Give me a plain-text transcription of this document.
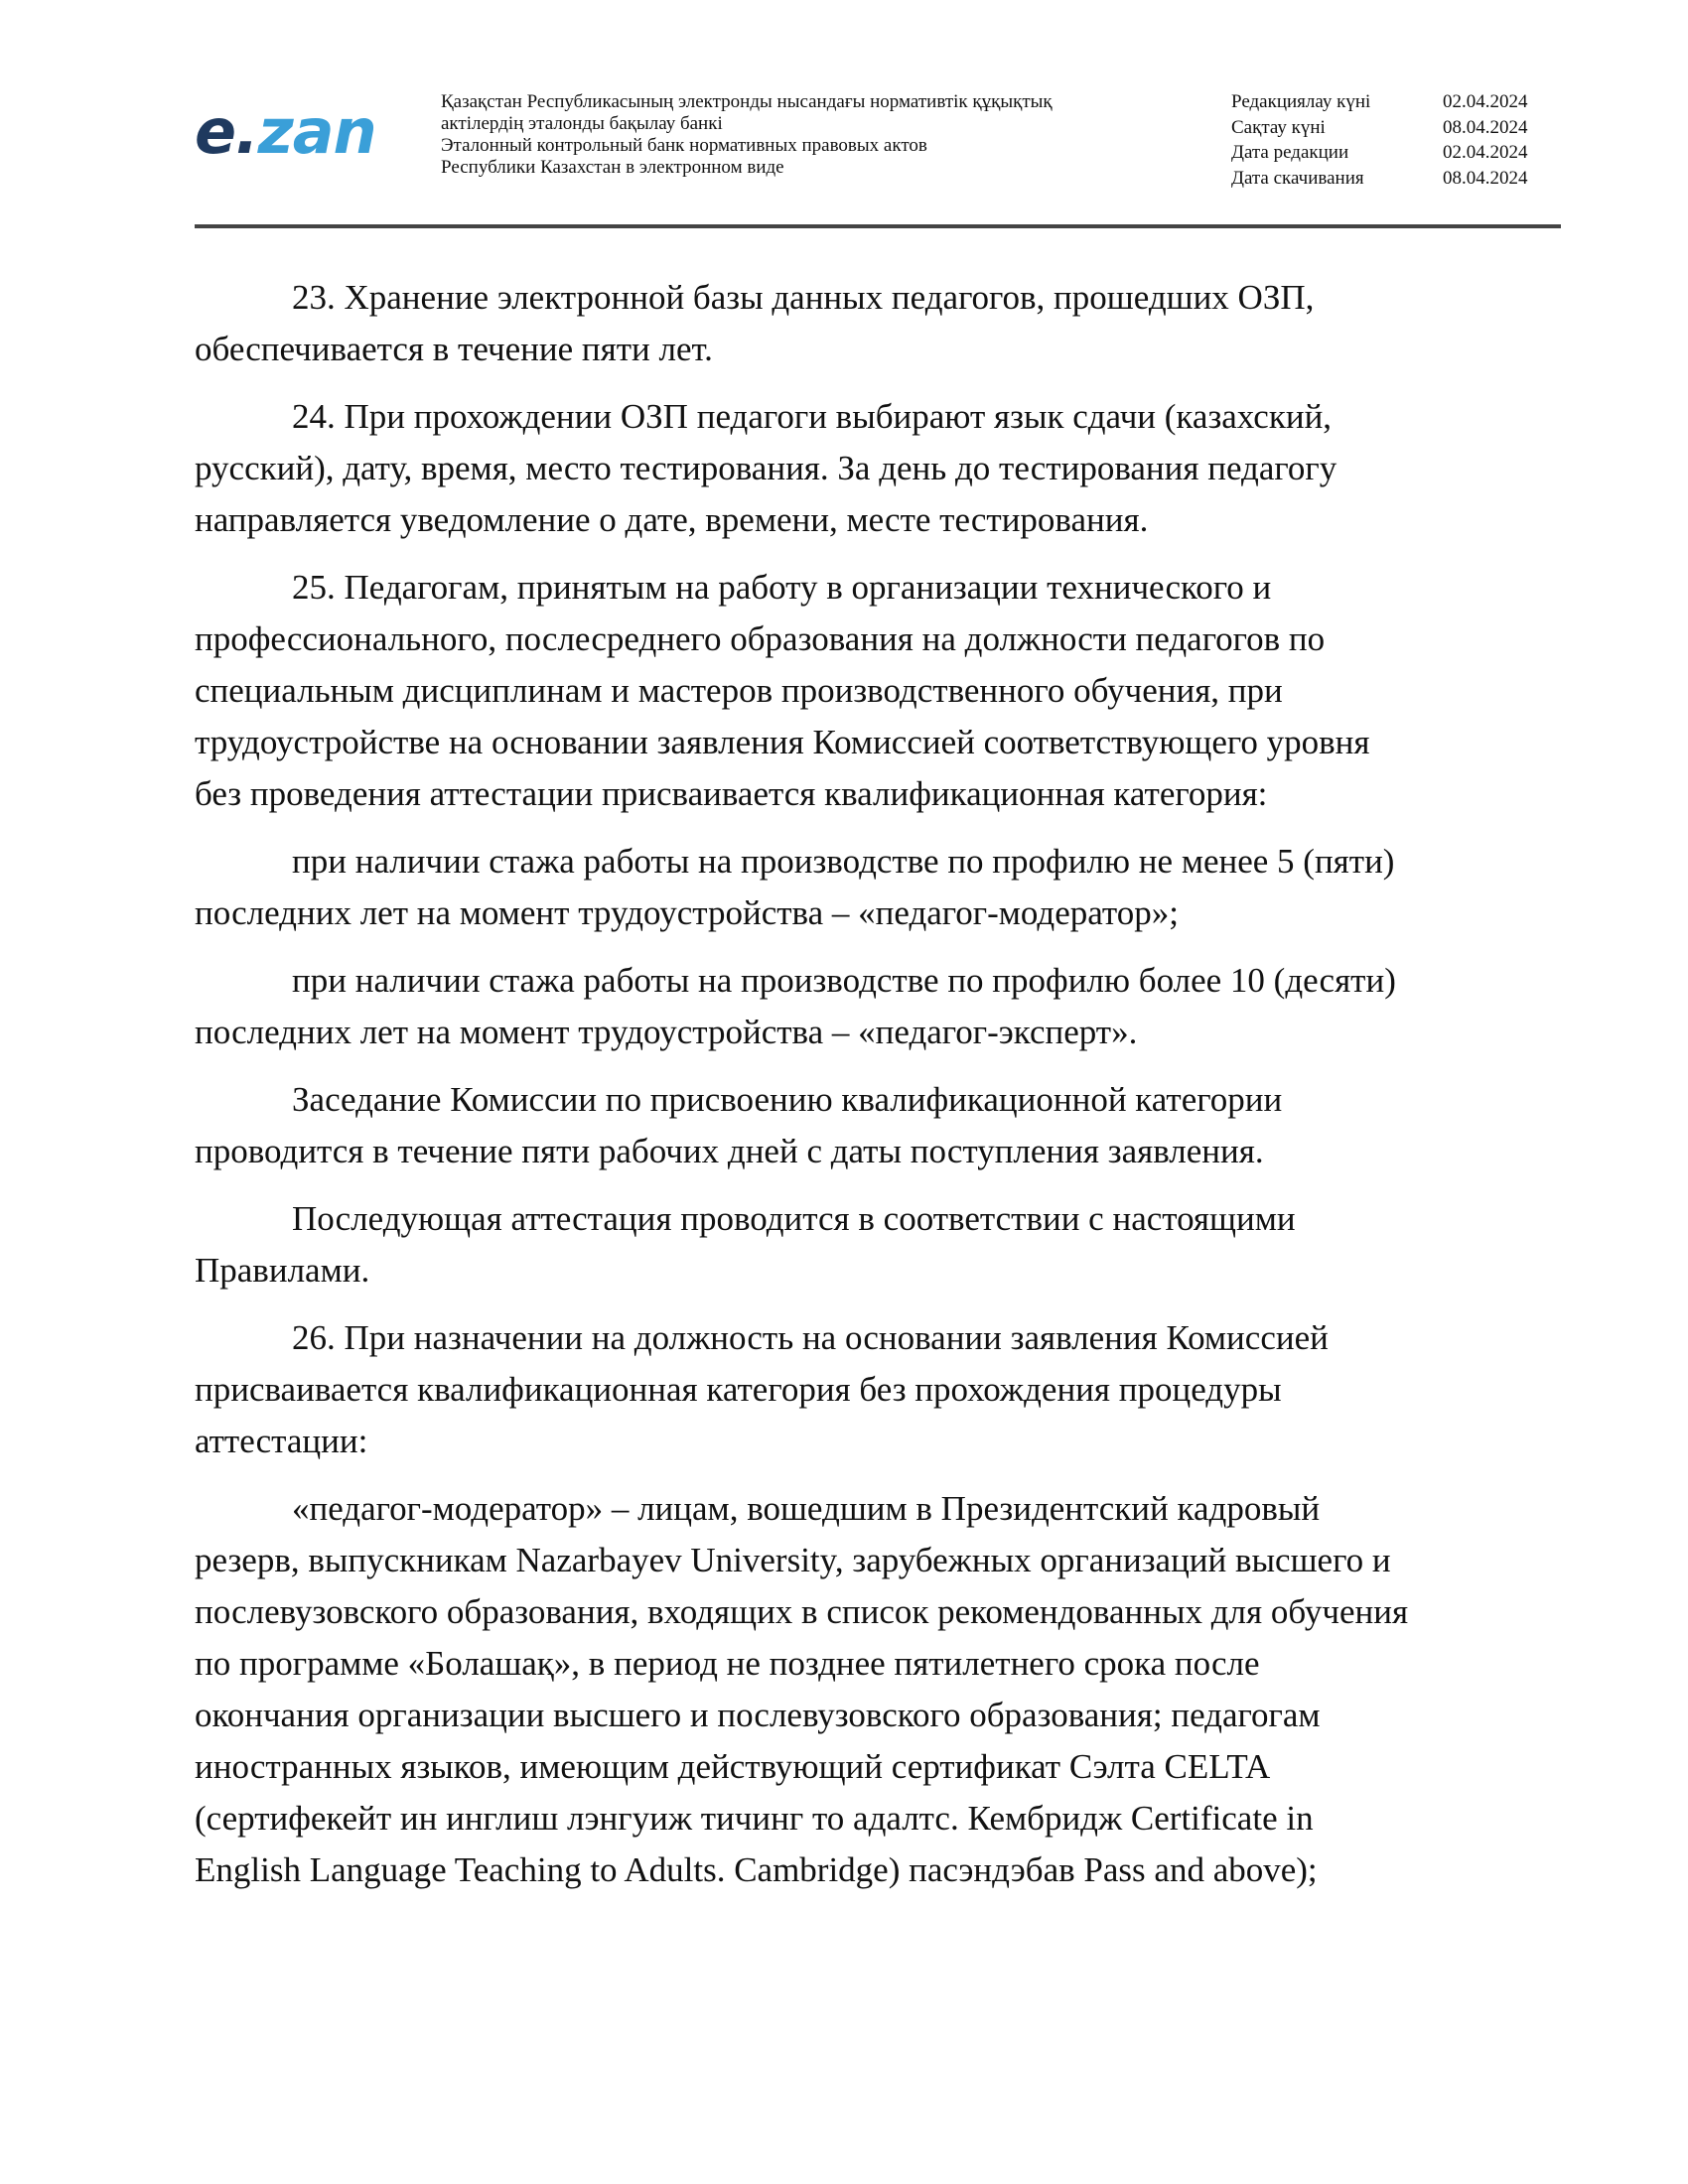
e.zan	Қазақстан Республикасының электронды нысандағы нормативтік құқықтық
актілердің эталонды бақылау банкі
Эталонный контрольный банк нормативных правовых актов
Республики Казахстан в электронном виде
Редакциялау күні	02.04.2024
Сақтау күні	08.04.2024
Дата редакции	02.04.2024
Дата скачивания	08.04.2024

23. Хранение электронной базы данных педагогов, прошедших ОЗП,
обеспечивается в течение пяти лет.

24. При прохождении ОЗП педагоги выбирают язык сдачи (казахский,
русский), дату, время, место тестирования. За день до тестирования педагогу
направляется уведомление о дате, времени, месте тестирования.

25. Педагогам, принятым на работу в организации технического и
профессионального, послесреднего образования на должности педагогов по
специальным дисциплинам и мастеров производственного обучения, при
трудоустройстве на основании заявления Комиссией соответствующего уровня
без проведения аттестации присваивается квалификационная категория:

при наличии стажа работы на производстве по профилю не менее 5 (пяти)
последних лет на момент трудоустройства – «педагог-модератор»;

при наличии стажа работы на производстве по профилю более 10 (десяти)
последних лет на момент трудоустройства – «педагог-эксперт».

Заседание Комиссии по присвоению квалификационной категории
проводится в течение пяти рабочих дней с даты поступления заявления.

Последующая аттестация проводится в соответствии с настоящими
Правилами.

26. При назначении на должность на основании заявления Комиссией
присваивается квалификационная категория без прохождения процедуры
аттестации:

«педагог-модератор» – лицам, вошедшим в Президентский кадровый
резерв, выпускникам Nazarbayev University, зарубежных организаций высшего и
послевузовского образования, входящих в список рекомендованных для обучения
по программе «Болашақ», в период не позднее пятилетнего срока после
окончания организации высшего и послевузовского образования; педагогам
иностранных языков, имеющим действующий сертификат Сэлта CELTA
(сертифекейт ин инглиш лэнгуиж тичинг то адалтс. Кембридж Certificate in
English Language Teaching to Adults. Cambridge) пасэндэбав Pass and above);
